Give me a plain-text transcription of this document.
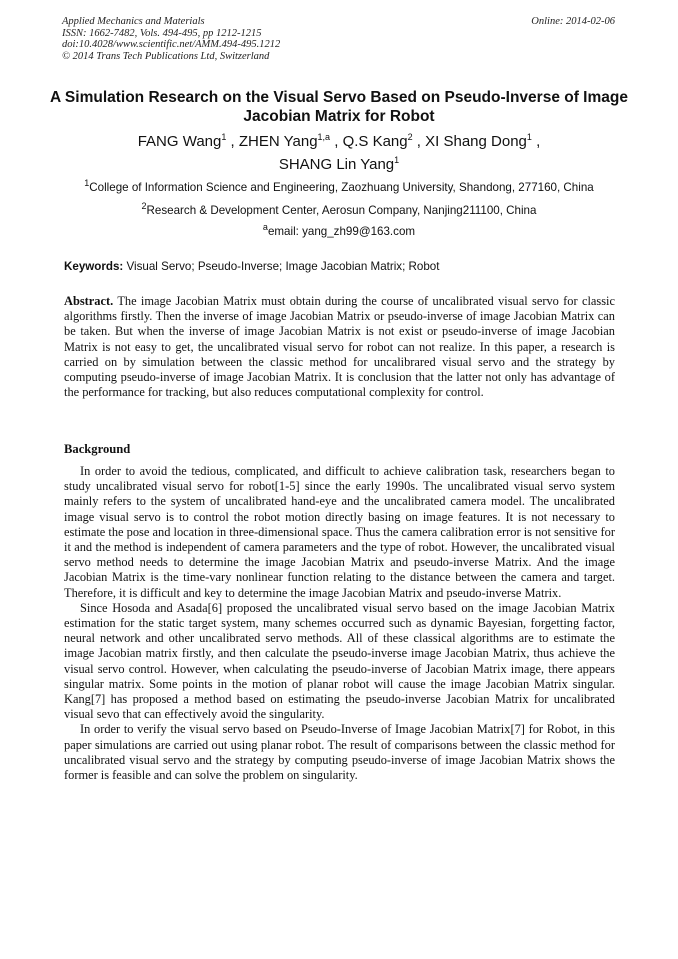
Applied Mechanics and Materials
ISSN: 1662-7482, Vols. 494-495, pp 1212-1215
doi:10.4028/www.scientific.net/AMM.494-495.1212
© 2014 Trans Tech Publications Ltd, Switzerland
Online: 2014-02-06
A Simulation Research on the Visual Servo Based on Pseudo-Inverse of Image Jacobian Matrix for Robot
FANG Wang$^1$ , ZHEN Yang$^{1,a}$ , Q.S Kang$^2$ , XI Shang Dong$^1$ ,
SHANG Lin Yang$^1$
$^1$College of Information Science and Engineering, Zaozhuang University, Shandong, 277160, China
$^2$Research & Development Center, Aerosun Company, Nanjing211100, China
$^a$email: yang_zh99@163.com
Keywords: Visual Servo; Pseudo-Inverse; Image Jacobian Matrix; Robot
Abstract. The image Jacobian Matrix must obtain during the course of uncalibrated visual servo for classic algorithms firstly. Then the inverse of image Jacobian Matrix or pseudo-inverse of image Jacobian Matrix can be taken. But when the inverse of image Jacobian Matrix is not exist or pseudo-inverse of image Jacobian Matrix is not easy to get, the uncalibrated visual servo for robot can not realize. In this paper, a research is carried on by simulation between the classic method for uncalibrared visual servo and the strategy by computing pseudo-inverse of image Jacobian Matrix. It is conclusion that the latter not only has advantage of the performance for tracking, but also reduces computational complexity for control.
Background

In order to avoid the tedious, complicated, and difficult to achieve calibration task, researchers began to study uncalibrated visual servo for robot[1-5] since the early 1990s. The uncalibrated visual servo system mainly refers to the system of uncalibrated hand-eye and the uncalibrated camera model. The uncalibrated image visual servo is to control the robot motion directly basing on image features. It is not necessary to estimate the pose and location in three-dimensional space. Thus the camera calibration error is not sensitive for it and the method is independent of camera parameters and the type of robot. However, the uncalibrated visual servo method needs to determine the image Jacobian Matrix and pseudo-inverse Matrix. And the image Jacobian Matrix is the time-vary nonlinear function relating to the distance between the camera and target. Therefore, it is difficult and key to determine the image Jacobian Matrix and pseudo-inverse Matrix.

Since Hosoda and Asada[6] proposed the uncalibrated visual servo based on the image Jacobian Matrix estimation for the static target system, many schemes occurred such as dynamic Bayesian, forgetting factor, neural network and other uncalibrated servo methods. All of these classical algorithms are to estimate the image Jacobian matrix firstly, and then calculate the pseudo-inverse image Jacobian Matrix, thus achieve the visual servo control. However, when calculating the pseudo-inverse of Jacobian Matrix image, there appears singular matrix. Some points in the motion of planar robot will cause the image Jacobian Matrix singular. Kang[7] has proposed a method based on estimating the pseudo-inverse Jacobian Matrix for uncalibrated visual sevo that can effectively avoid the singularity.

In order to verify the visual servo based on Pseudo-Inverse of Image Jacobian Matrix[7] for Robot, in this paper simulations are carried out using planar robot. The result of comparisons between the classic method for uncalibrated visual servo and the strategy by computing pseudo-inverse of image Jacobian Matrix shows the former is feasible and can solve the problem on singularity.
